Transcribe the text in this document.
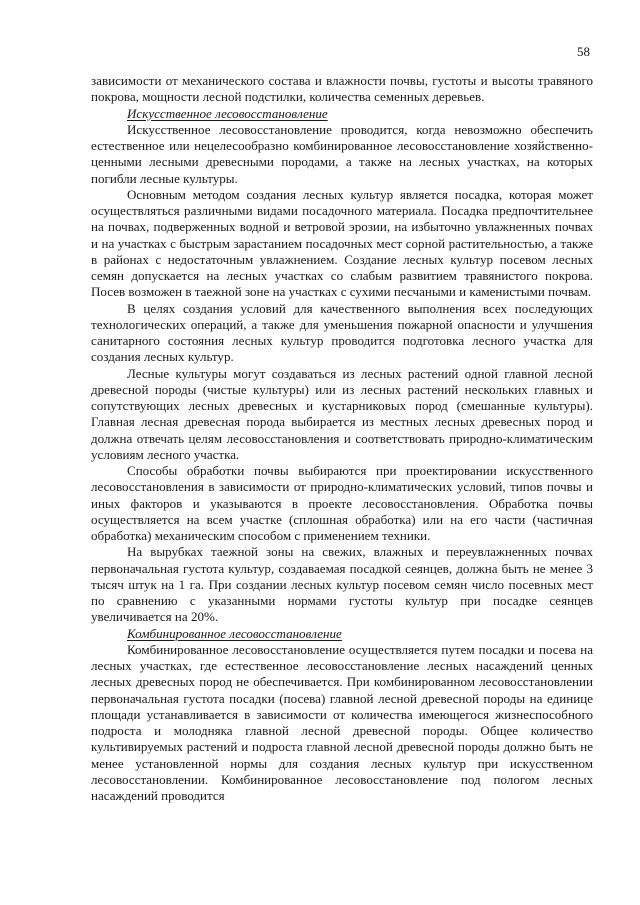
58

зависимости от механического состава и влажности почвы, густоты и высоты травяного покрова, мощности лесной подстилки, количества семенных деревьев.

Искусственное лесовосстановление

Искусственное лесовосстановление проводится, когда невозможно обеспечить естественное или нецелесообразно комбинированное лесовосстановление хозяйственно-ценными лесными древесными породами, а также на лесных участках, на которых погибли лесные культуры.

Основным методом создания лесных культур является посадка, которая может осуществляться различными видами посадочного материала. Посадка предпочтительнее на почвах, подверженных водной и ветровой эрозии, на избыточно увлажненных почвах и на участках с быстрым зарастанием посадочных мест сорной растительностью, а также в районах с недостаточным увлажнением. Создание лесных культур посевом лесных семян допускается на лесных участках со слабым развитием травянистого покрова. Посев возможен в таежной зоне на участках с сухими песчаными и каменистыми почвам.

В целях создания условий для качественного выполнения всех последующих технологических операций, а также для уменьшения пожарной опасности и улучшения санитарного состояния лесных культур проводится подготовка лесного участка для создания лесных культур.

Лесные культуры могут создаваться из лесных растений одной главной лесной древесной породы (чистые культуры) или из лесных растений нескольких главных и сопутствующих лесных древесных и кустарниковых пород (смешанные культуры). Главная лесная древесная порода выбирается из местных лесных древесных пород и должна отвечать целям лесовосстановления и соответствовать природно-климатическим условиям лесного участка.

Способы обработки почвы выбираются при проектировании искусственного лесовосстановления в зависимости от природно-климатических условий, типов почвы и иных факторов и указываются в проекте лесовосстановления. Обработка почвы осуществляется на всем участке (сплошная обработка) или на его части (частичная обработка) механическим способом с применением техники.

На вырубках таежной зоны на свежих, влажных и переувлажненных почвах первоначальная густота культур, создаваемая посадкой сеянцев, должна быть не менее 3 тысяч штук на 1 га. При создании лесных культур посевом семян число посевных мест по сравнению с указанными нормами густоты культур при посадке сеянцев увеличивается на 20%.

Комбинированное лесовосстановление

Комбинированное лесовосстановление осуществляется путем посадки и посева на лесных участках, где естественное лесовосстановление лесных насаждений ценных лесных древесных пород не обеспечивается. При комбинированном лесовосстановлении первоначальная густота посадки (посева) главной лесной древесной породы на единице площади устанавливается в зависимости от количества имеющегося жизнеспособного подроста и молодняка главной лесной древесной породы. Общее количество культивируемых растений и подроста главной лесной древесной породы должно быть не менее установленной нормы для создания лесных культур при искусственном лесовосстановлении. Комбинированное лесовосстановление под пологом лесных насаждений проводится
